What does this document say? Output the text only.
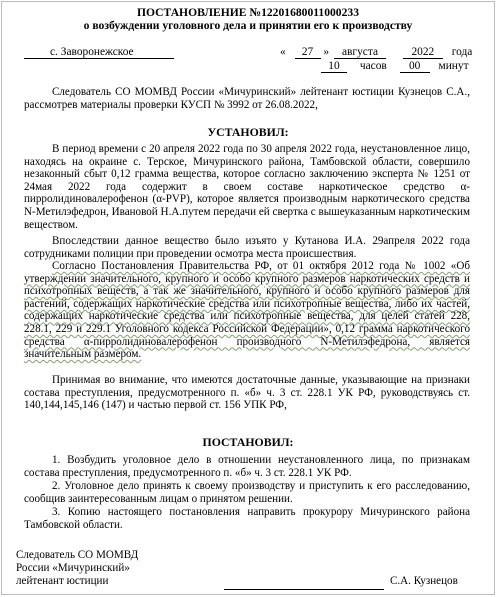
ПОСТАНОВЛЕНИЕ №12201680011000233
о возбуждении уголовного дела и принятии его к производству
с. Заворонежское	« 27 » августа	2022 года
10 часов 00 минут
Следователь СО МОМВД России «Мичуринский» лейтенант юстиции Кузнецов С.А., рассмотрев материалы проверки КУСП № 3992 от 26.08.2022,
УСТАНОВИЛ:
В период времени с 20 апреля 2022 года по 30 апреля 2022 года, неустановленное лицо, находясь на окраине с. Терское, Мичуринского района, Тамбовской области, совершило незаконный сбыт 0,12 грамма вещества, которое согласно заключению эксперта № 1251 от 24мая 2022 года содержит в своем составе наркотическое средство α-пирролидиновалерофенон (α-PVP), которое является производным наркотического средства N-Метилэфедрон, Ивановой Н.А.путем передачи ей свертка с вышеуказанным наркотическим веществом.
Впоследствии данное вещество было изъято у Кутанова И.А. 29апреля 2022 года сотрудниками полиции при проведении осмотра места происшествия.
Согласно Постановления Правительства РФ, от 01 октября 2012 года № 1002 «Об утверждении значительного, крупного и особо крупного размеров наркотических средств и психотропных веществ, а так же значительного, крупного и особо крупного размеров для растений, содержащих наркотические средства или психотропные вещества, либо их частей, содержащих наркотические средства или психотропные вещества, для целей статей 228, 228.1, 229 и 229.1 Уголовного кодекса Российской Федерации», 0,12 грамма наркотического средства α-пирролидиновалерофенон производного N-Метилэфедрона, является значительным размером.
Принимая во внимание, что имеются достаточные данные, указывающие на признаки состава преступления, предусмотренного п. «б» ч. 3 ст. 228.1 УК РФ, руководствуясь ст. 140,144,145,146 (147) и частью первой ст. 156 УПК РФ,
ПОСТАНОВИЛ:
1. Возбудить уголовное дело в отношении неустановленного лица, по признакам состава преступления, предусмотренного п. «б» ч. 3 ст. 228.1 УК РФ.
2. Уголовное дело принять к своему производству и приступить к его расследованию, сообщив заинтересованным лицам о принятом решении.
3. Копию настоящего постановления направить прокурору Мичуринского района Тамбовской области.
Следователь СО МОМВД
России «Мичуринский»
лейтенант юстиции	С.А. Кузнецов
